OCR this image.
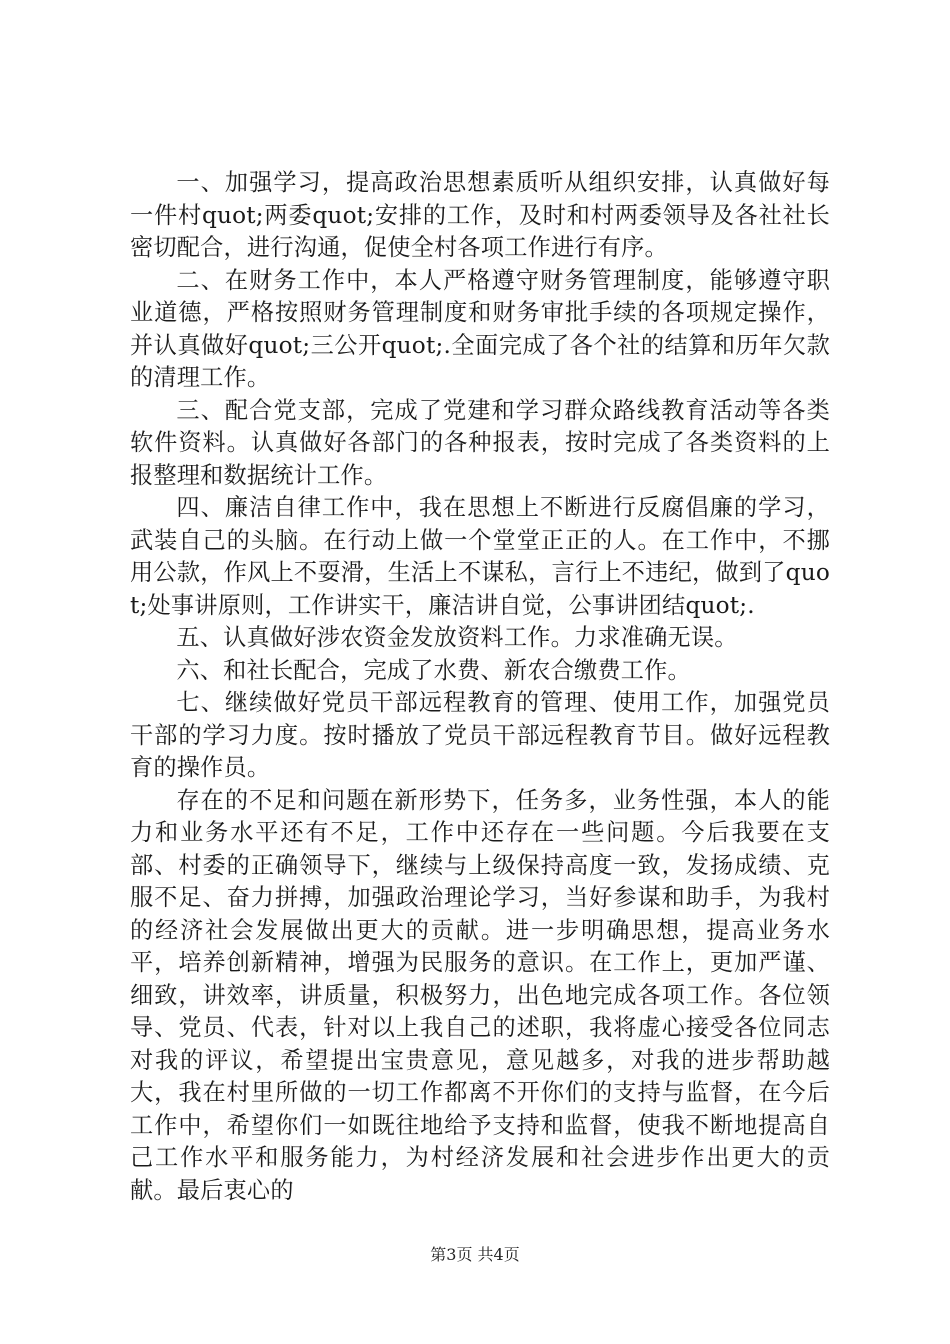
一、加强学习，提高政治思想素质听从组织安排，认真做好每一件村quot;两委quot;安排的工作，及时和村两委领导及各社社长密切配合，进行沟通，促使全村各项工作进行有序。

二、在财务工作中，本人严格遵守财务管理制度，能够遵守职业道德，严格按照财务管理制度和财务审批手续的各项规定操作，并认真做好quot;三公开quot;.全面完成了各个社的结算和历年欠款的清理工作。

三、配合党支部，完成了党建和学习群众路线教育活动等各类软件资料。认真做好各部门的各种报表，按时完成了各类资料的上报整理和数据统计工作。

四、廉洁自律工作中，我在思想上不断进行反腐倡廉的学习，武装自己的头脑。在行动上做一个堂堂正正的人。在工作中，不挪用公款，作风上不耍滑，生活上不谋私，言行上不违纪，做到了quot;处事讲原则，工作讲实干，廉洁讲自觉，公事讲团结quot;.

五、认真做好涉农资金发放资料工作。力求准确无误。

六、和社长配合，完成了水费、新农合缴费工作。

七、继续做好党员干部远程教育的管理、使用工作，加强党员干部的学习力度。按时播放了党员干部远程教育节目。做好远程教育的操作员。

存在的不足和问题在新形势下，任务多，业务性强，本人的能力和业务水平还有不足，工作中还存在一些问题。今后我要在支部、村委的正确领导下，继续与上级保持高度一致，发扬成绩、克服不足、奋力拼搏，加强政治理论学习，当好参谋和助手，为我村的经济社会发展做出更大的贡献。进一步明确思想，提高业务水平，培养创新精神，增强为民服务的意识。在工作上，更加严谨、细致，讲效率，讲质量，积极努力，出色地完成各项工作。各位领导、党员、代表，针对以上我自己的述职，我将虚心接受各位同志对我的评议，希望提出宝贵意见，意见越多，对我的进步帮助越大，我在村里所做的一切工作都离不开你们的支持与监督，在今后工作中，希望你们一如既往地给予支持和监督，使我不断地提高自己工作水平和服务能力，为村经济发展和社会进步作出更大的贡献。最后衷心的

第3页 共4页
